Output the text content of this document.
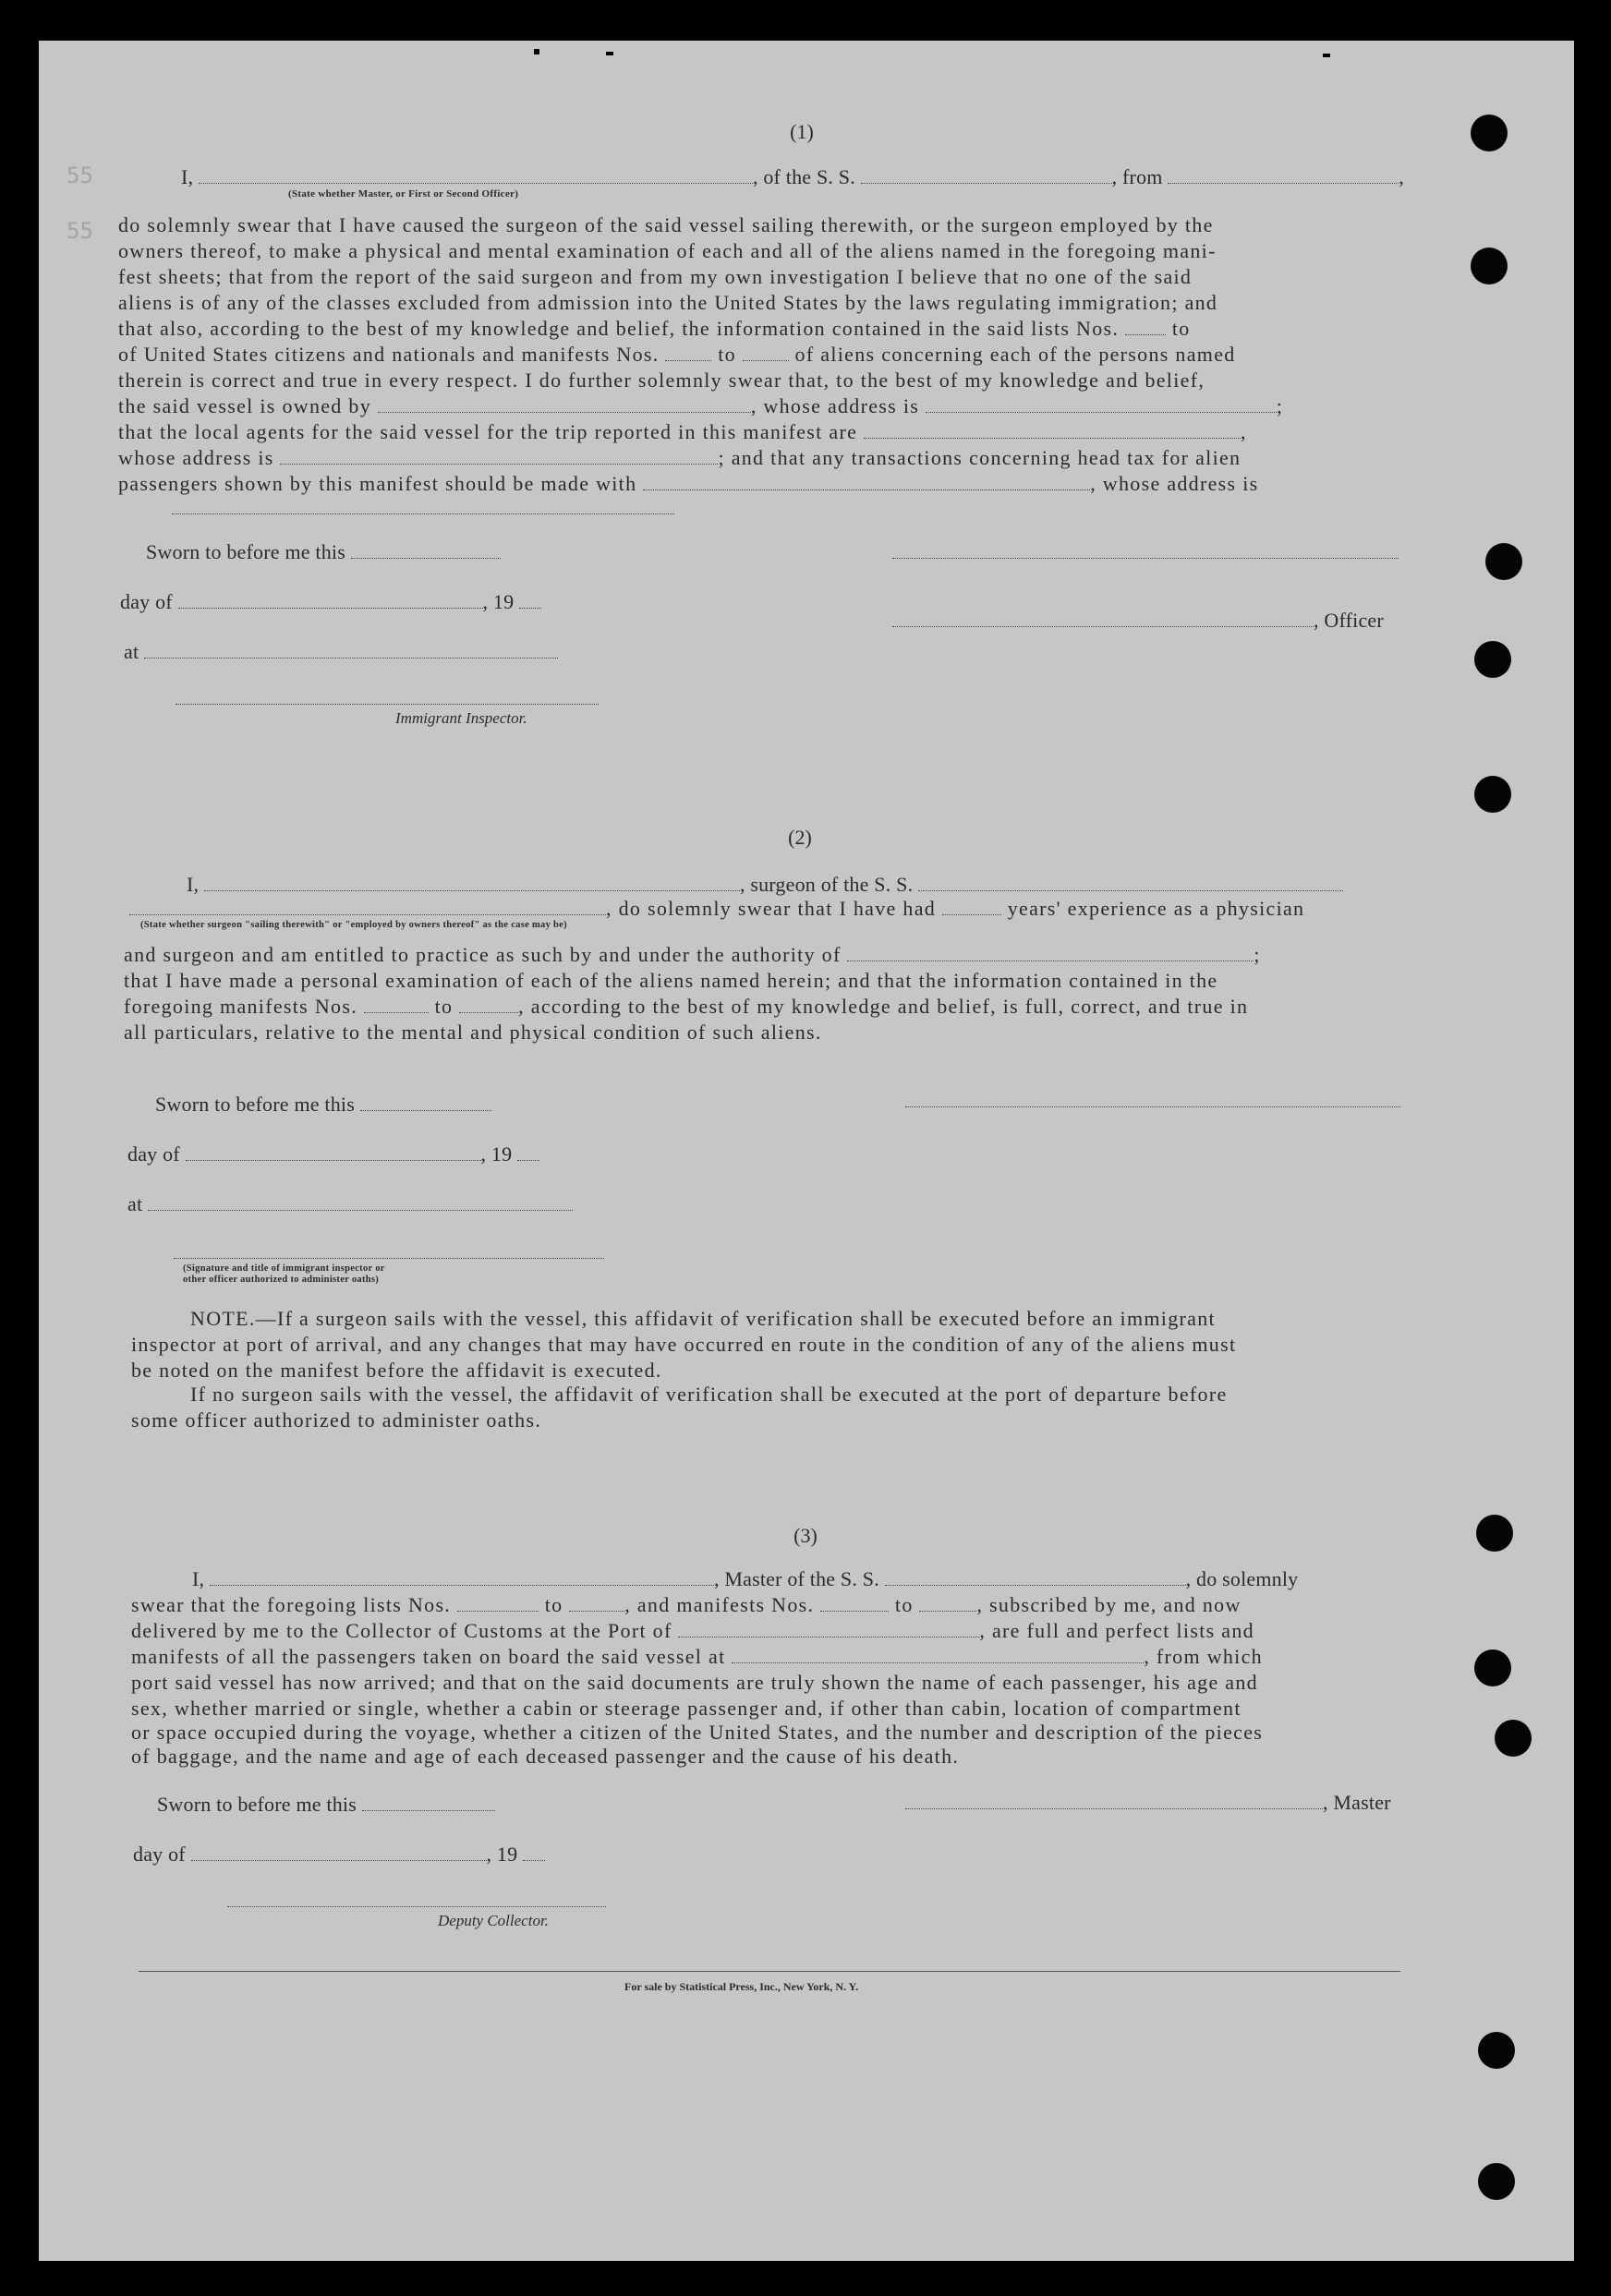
55
55
(1)
I,	, of the S. S.	, from	,
(State whether Master, or First or Second Officer)
do solemnly swear that I have caused the surgeon of the said vessel sailing therewith, or the surgeon employed by the
owners thereof, to make a physical and mental examination of each and all of the aliens named in the foregoing mani-
fest sheets; that from the report of the said surgeon and from my own investigation I believe that no one of the said
aliens is of any of the classes excluded from admission into the United States by the laws regulating immigration; and
that also, according to the best of my knowledge and belief, the information contained in the said lists Nos.	to
of United States citizens and nationals and manifests Nos.	to	of aliens concerning each of the persons named
therein is correct and true in every respect. I do further solemnly swear that, to the best of my knowledge and belief,
the said vessel is owned by	, whose address is	;
that the local agents for the said vessel for the trip reported in this manifest are	,
whose address is	; and that any transactions concerning head tax for alien
passengers shown by this manifest should be made with	, whose address is
Sworn to before me this
day of	, 19
at
Immigrant Inspector.
, Officer
(2)
I,	, surgeon of the S. S.
, do solemnly swear that I have had	years' experience as a physician
(State whether surgeon "sailing therewith" or "employed by owners thereof" as the case may be)
and surgeon and am entitled to practice as such by and under the authority of	;
that I have made a personal examination of each of the aliens named herein; and that the information contained in the
foregoing manifests Nos.	to	, according to the best of my knowledge and belief, is full, correct, and true in
all particulars, relative to the mental and physical condition of such aliens.
Sworn to before me this
day of	, 19
at
(Signature and title of immigrant inspector or
other officer authorized to administer oaths)
NOTE.—If a surgeon sails with the vessel, this affidavit of verification shall be executed before an immigrant
inspector at port of arrival, and any changes that may have occurred en route in the condition of any of the aliens must
be noted on the manifest before the affidavit is executed.
If no surgeon sails with the vessel, the affidavit of verification shall be executed at the port of departure before
some officer authorized to administer oaths.
(3)
I,	, Master of the S. S.	, do solemnly
swear that the foregoing lists Nos.	to	, and manifests Nos.	to	, subscribed by me, and now
delivered by me to the Collector of Customs at the Port of	, are full and perfect lists and
manifests of all the passengers taken on board the said vessel at	, from which
port said vessel has now arrived; and that on the said documents are truly shown the name of each passenger, his age and
sex, whether married or single, whether a cabin or steerage passenger and, if other than cabin, location of compartment
or space occupied during the voyage, whether a citizen of the United States, and the number and description of the pieces
of baggage, and the name and age of each deceased passenger and the cause of his death.
Sworn to before me this
day of	, 19
Deputy Collector.
, Master
For sale by Statistical Press, Inc., New York, N. Y.
